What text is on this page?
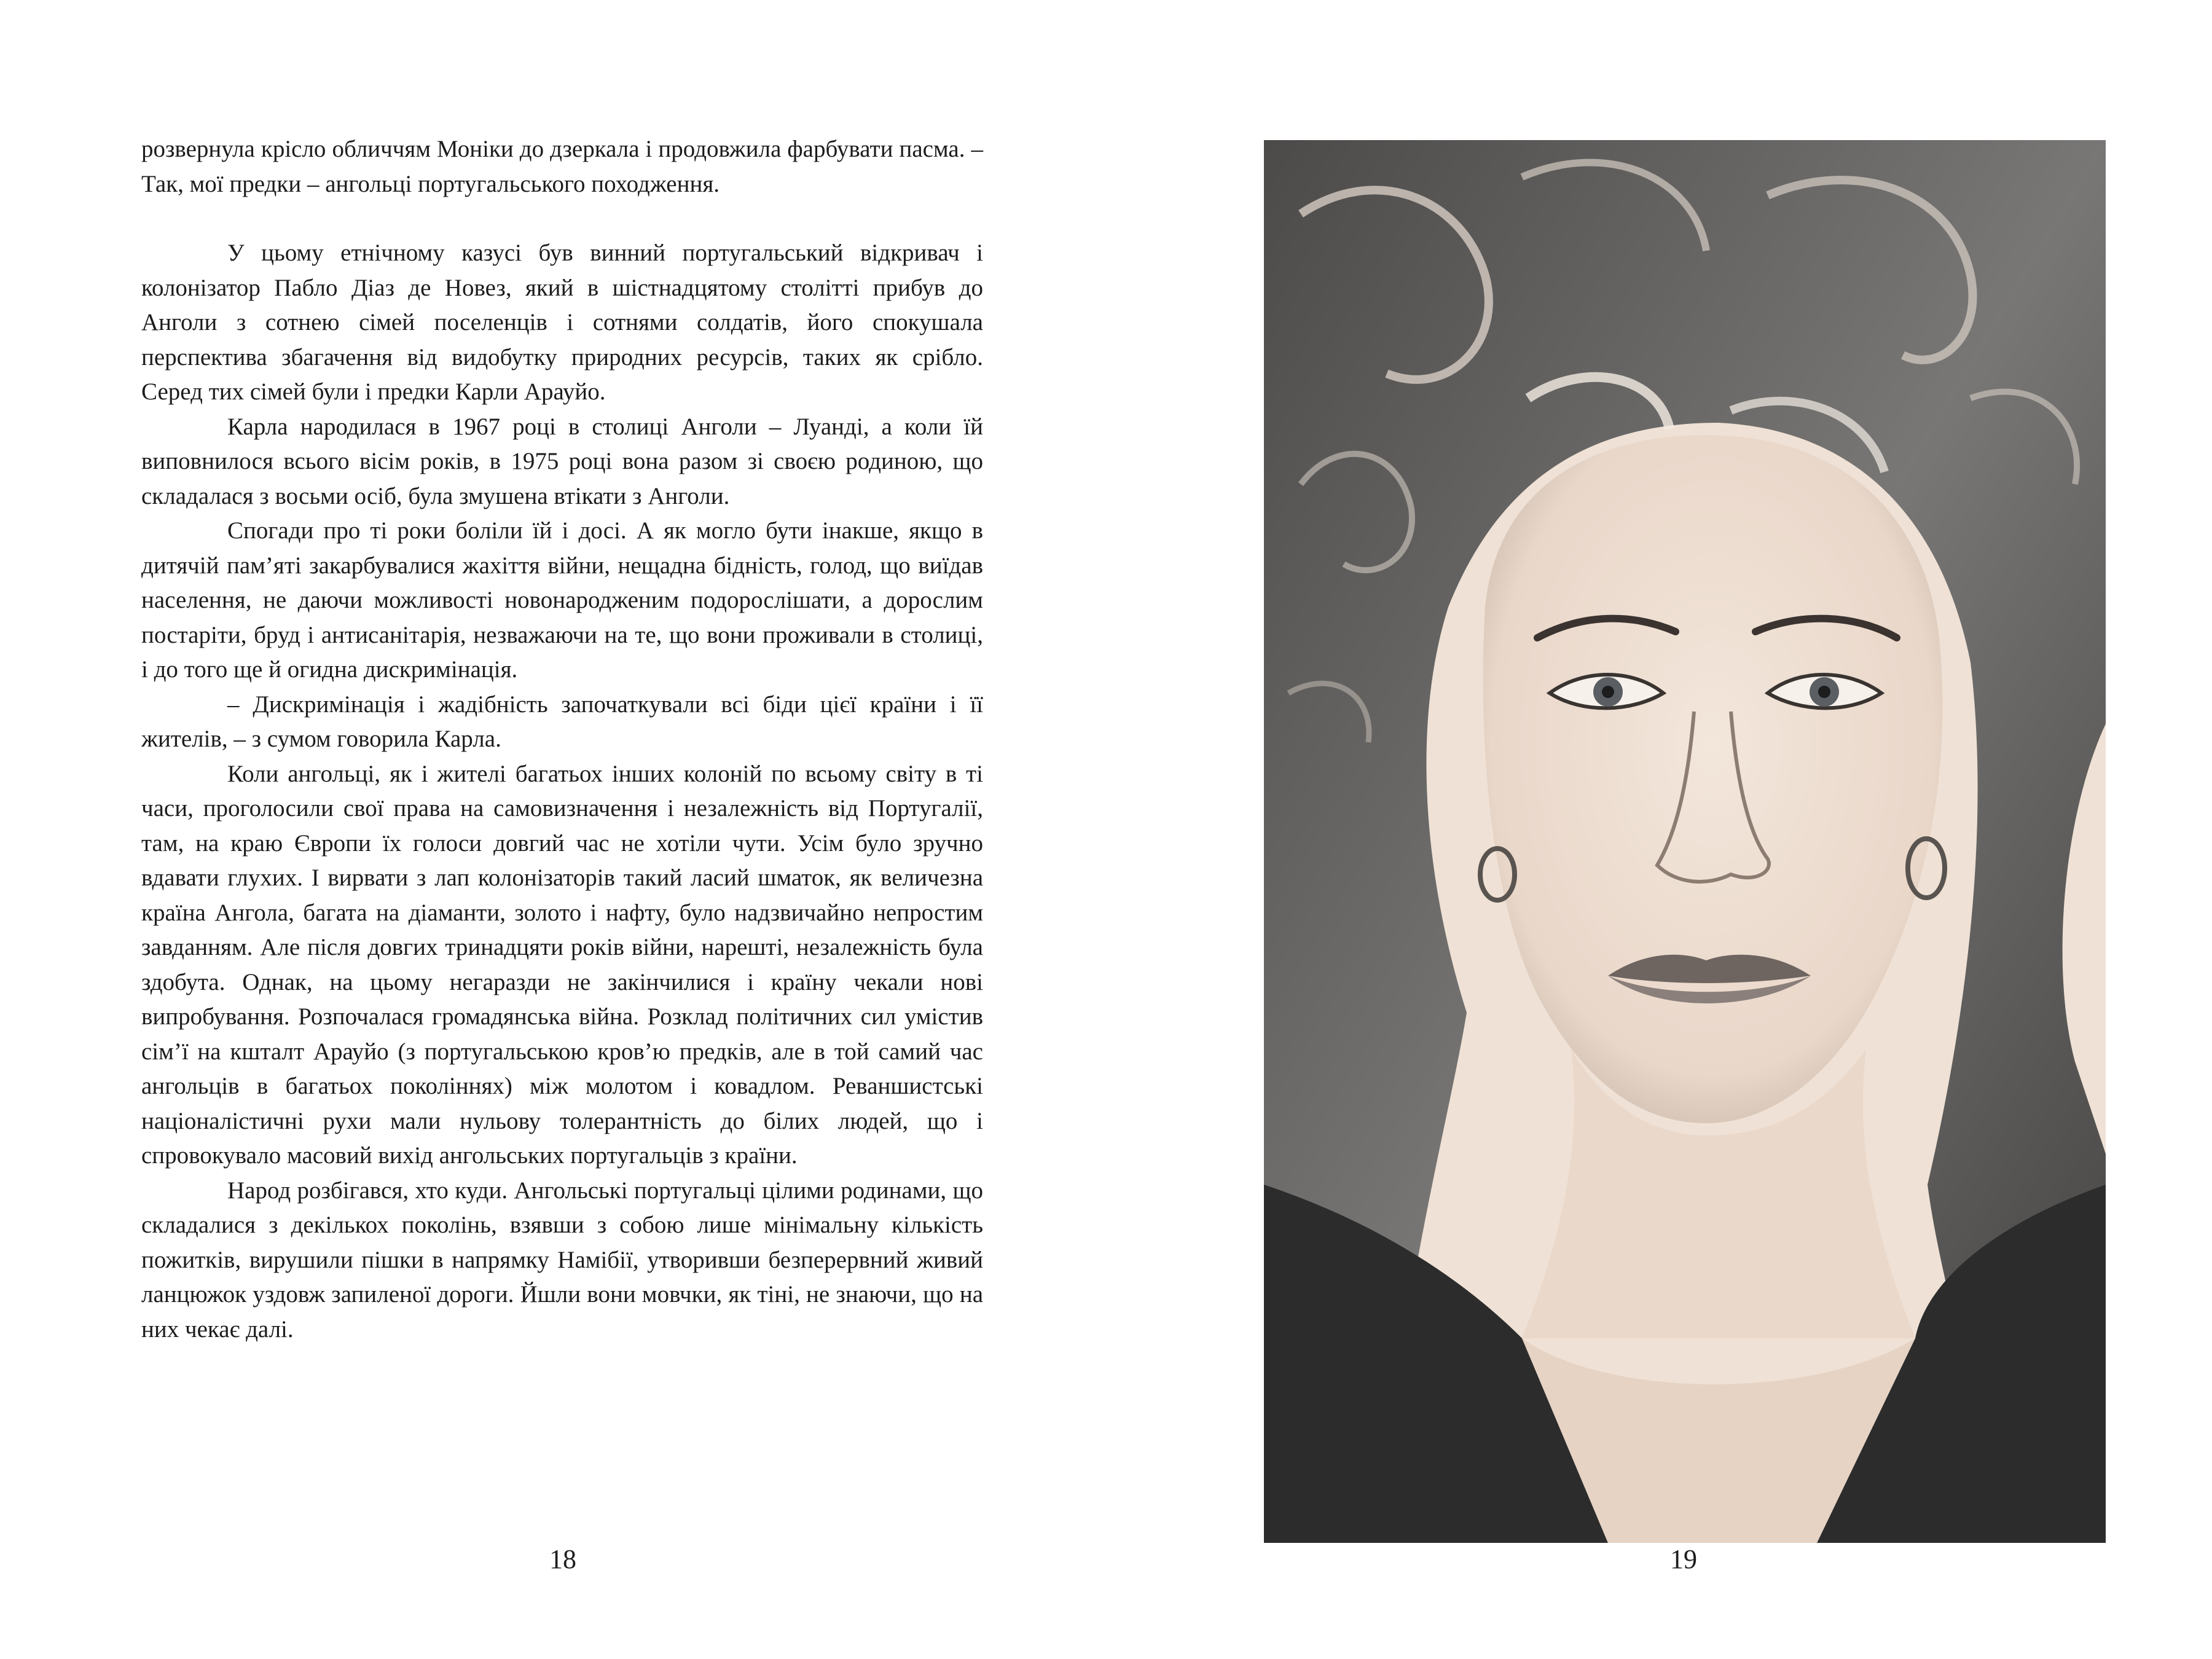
розвернула крісло обличчям Моніки до дзеркала і продовжила фарбувати пасма. – Так, мої предки – ангольці португальського походження.

У цьому етнічному казусі був винний португальський відкривач і колонізатор Пабло Діаз де Новез, який в шістнадцятому столітті прибув до Анголи з сотнею сімей поселенців і сотнями солдатів, його спокушала перспектива збагачення від видобутку природних ресурсів, таких як срібло. Серед тих сімей були і предки Карли Арауйо.

Карла народилася в 1967 році в столиці Анголи – Луанді, а коли їй виповнилося всього вісім років, в 1975 році вона разом зі своєю родиною, що складалася з восьми осіб, була змушена втікати з Анголи.

Спогади про ті роки боліли їй і досі. А як могло бути інакше, якщо в дитячій пам’яті закарбувалися жахіття війни, нещадна бідність, голод, що виїдав населення, не даючи можливості новонародженим подорослішати, а дорослим постаріти, бруд і антисанітарія, незважаючи на те, що вони проживали в столиці, і до того ще й огидна дискримінація.

– Дискримінація і жадібність започаткували всі біди цієї країни і її жителів, – з сумом говорила Карла.

Коли ангольці, як і жителі багатьох інших колоній по всьому світу в ті часи, проголосили свої права на самовизначення і незалежність від Португалії, там, на краю Європи їх голоси довгий час не хотіли чути. Усім було зручно вдавати глухих. І вирвати з лап колонізаторів такий ласий шматок, як величезна країна Ангола, багата на діаманти, золото і нафту, було надзвичайно непростим завданням. Але після довгих тринадцяти років війни, нарешті, незалежність була здобута. Однак, на цьому негаразди не закінчилися і країну чекали нові випробування. Розпочалася громадянська війна. Розклад політичних сил умістив сім’ї на кшталт Арауйо (з португальською кров’ю предків, але в той самий час ангольців в багатьох поколіннях) між молотом і ковадлом. Реваншистські націоналістичні рухи мали нульову толерантність до білих людей, що і спровокувало масовий вихід ангольських португальців з країни.

Народ розбігався, хто куди. Ангольські португальці цілими родинами, що складалися з декількох поколінь, взявши з собою лише мінімальну кількість пожитків, вирушили пішки в напрямку Намібії, утворивши безперервний живий ланцюжок уздовж запиленої дороги. Йшли вони мовчки, як тіні, не знаючи, що на них чекає далі.

18	19
